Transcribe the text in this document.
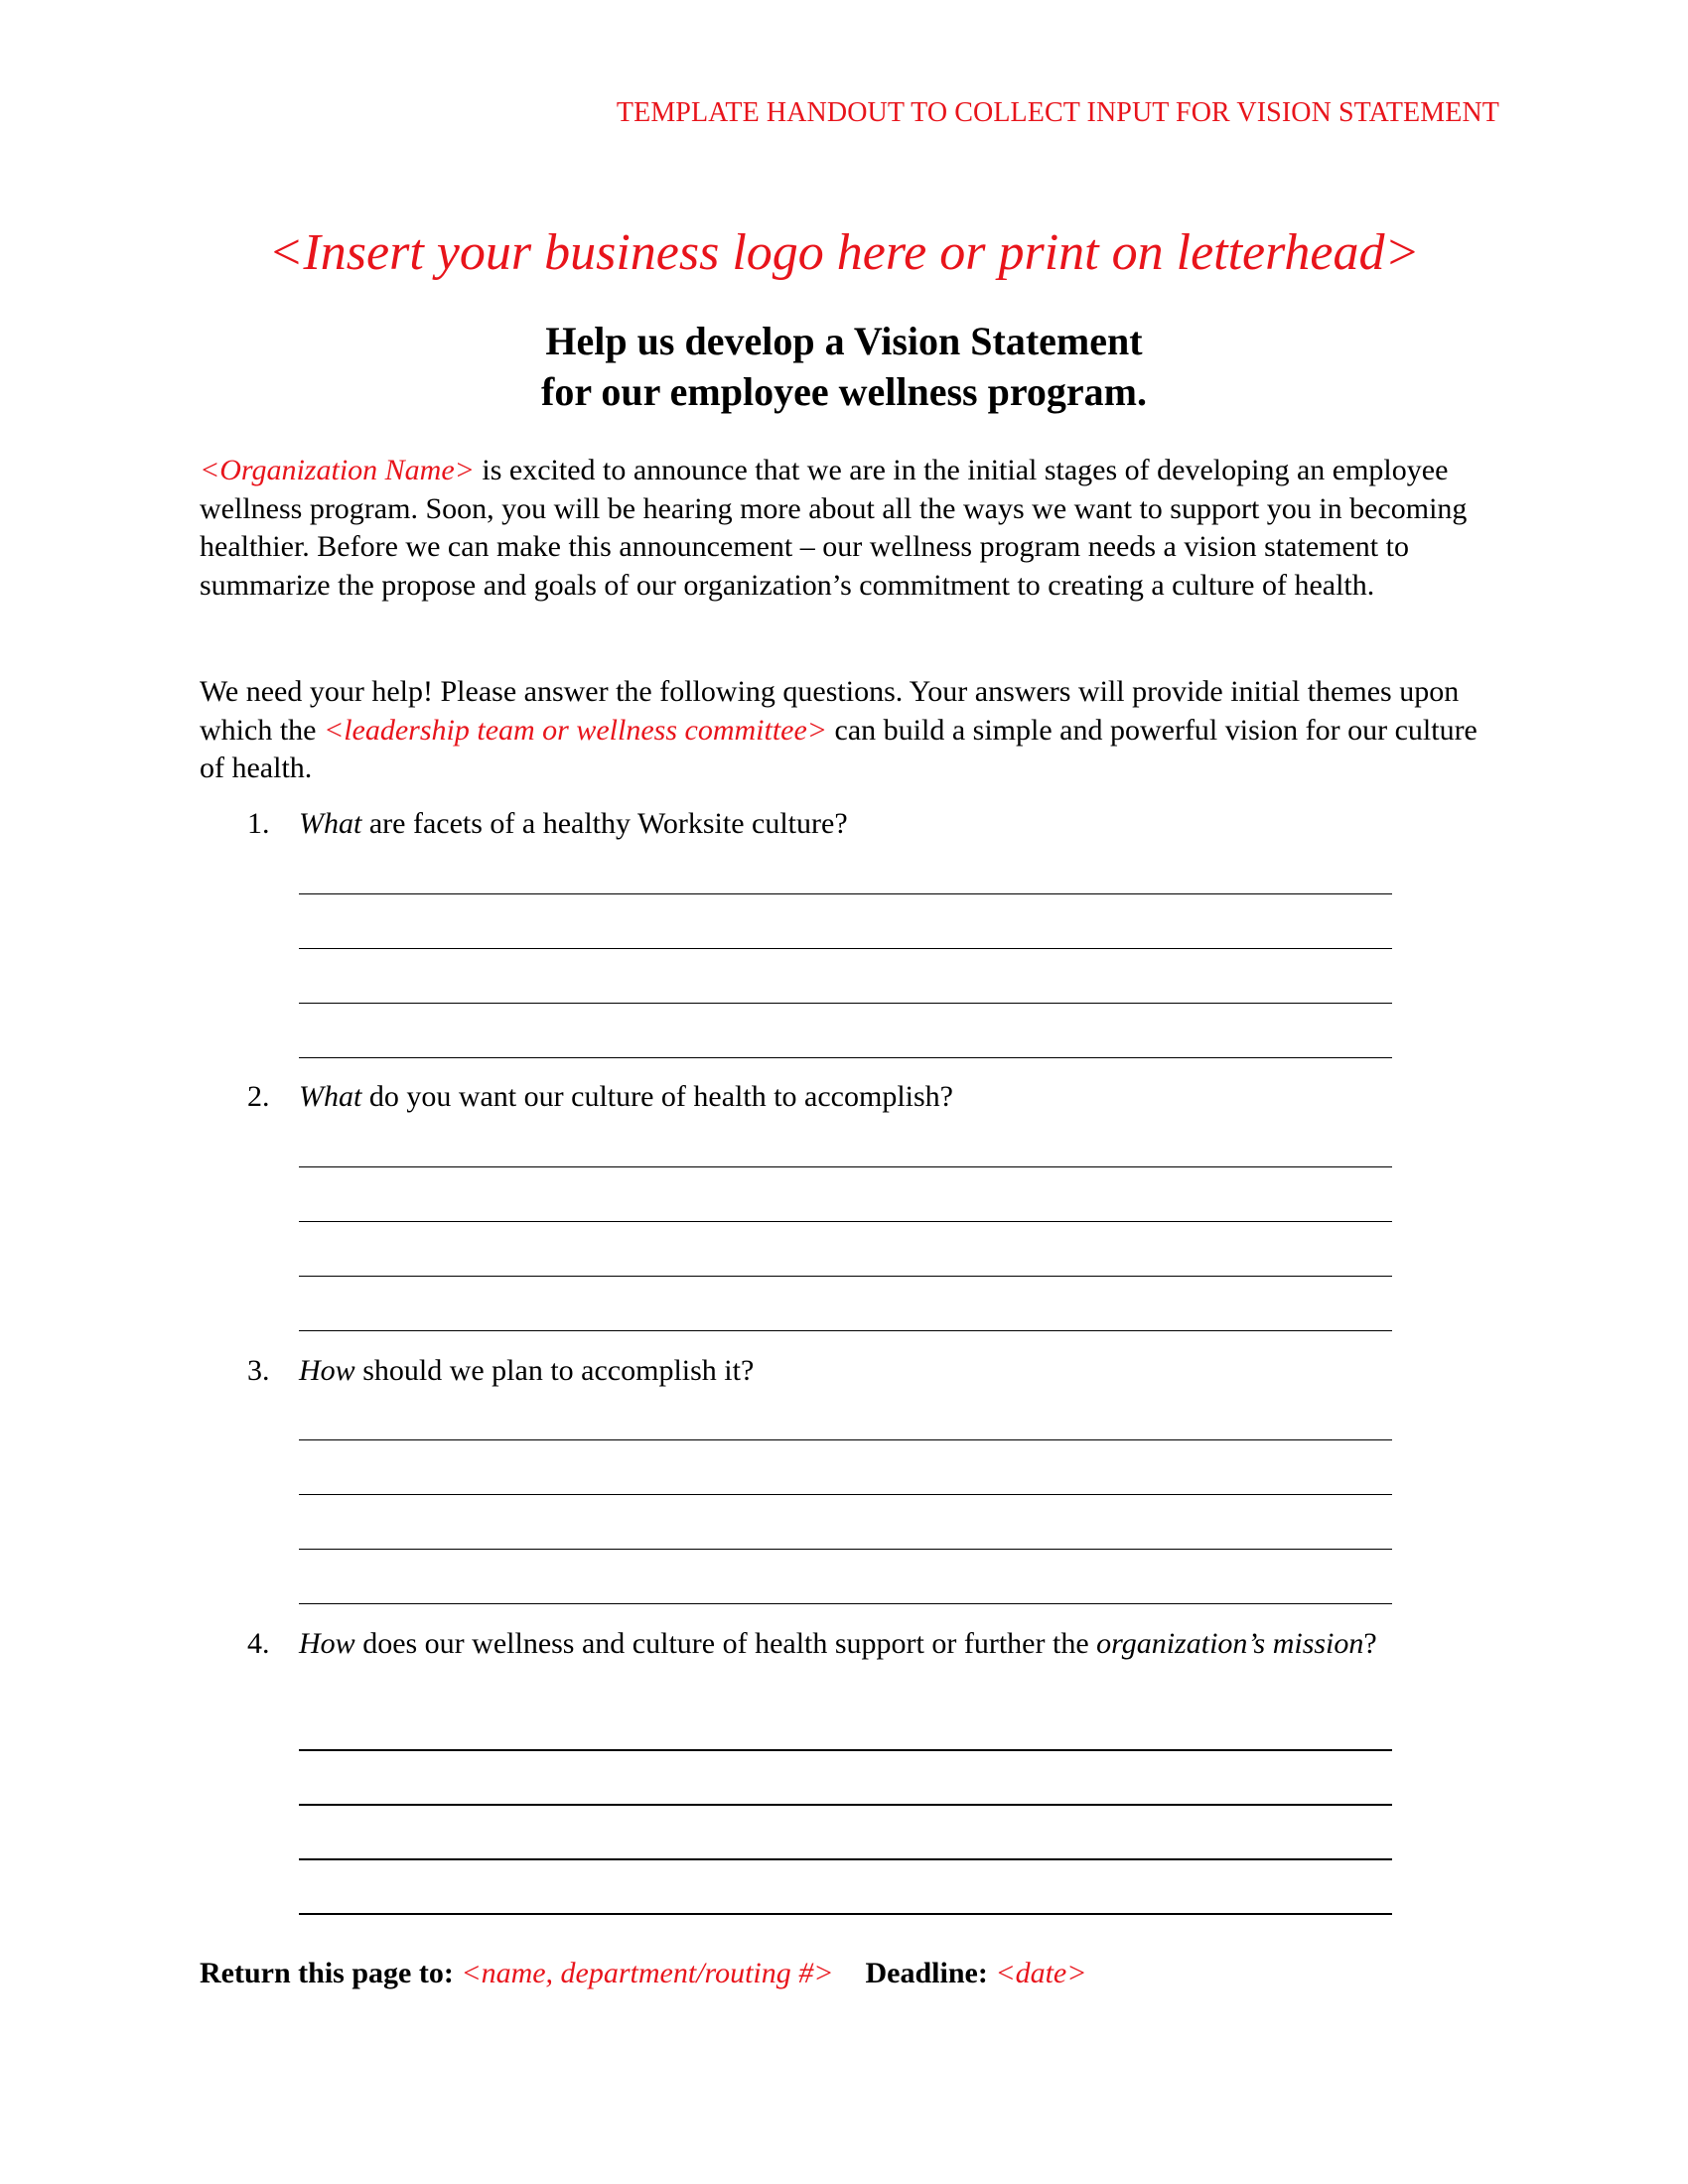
TEMPLATE HANDOUT TO COLLECT INPUT FOR VISION STATEMENT
<Insert your business logo here or print on letterhead>
Help us develop a Vision Statement
for our employee wellness program.
<Organization Name> is excited to announce that we are in the initial stages of developing an employee wellness program. Soon, you will be hearing more about all the ways we want to support you in becoming healthier. Before we can make this announcement – our wellness program needs a vision statement to summarize the propose and goals of our organization’s commitment to creating a culture of health.
We need your help! Please answer the following questions. Your answers will provide initial themes upon which the <leadership team or wellness committee> can build a simple and powerful vision for our culture of health.
1. What are facets of a healthy Worksite culture?
2. What do you want our culture of health to accomplish?
3. How should we plan to accomplish it?
4. How does our wellness and culture of health support or further the organization’s mission?
Return this page to: <name, department/routing #> Deadline: <date>
